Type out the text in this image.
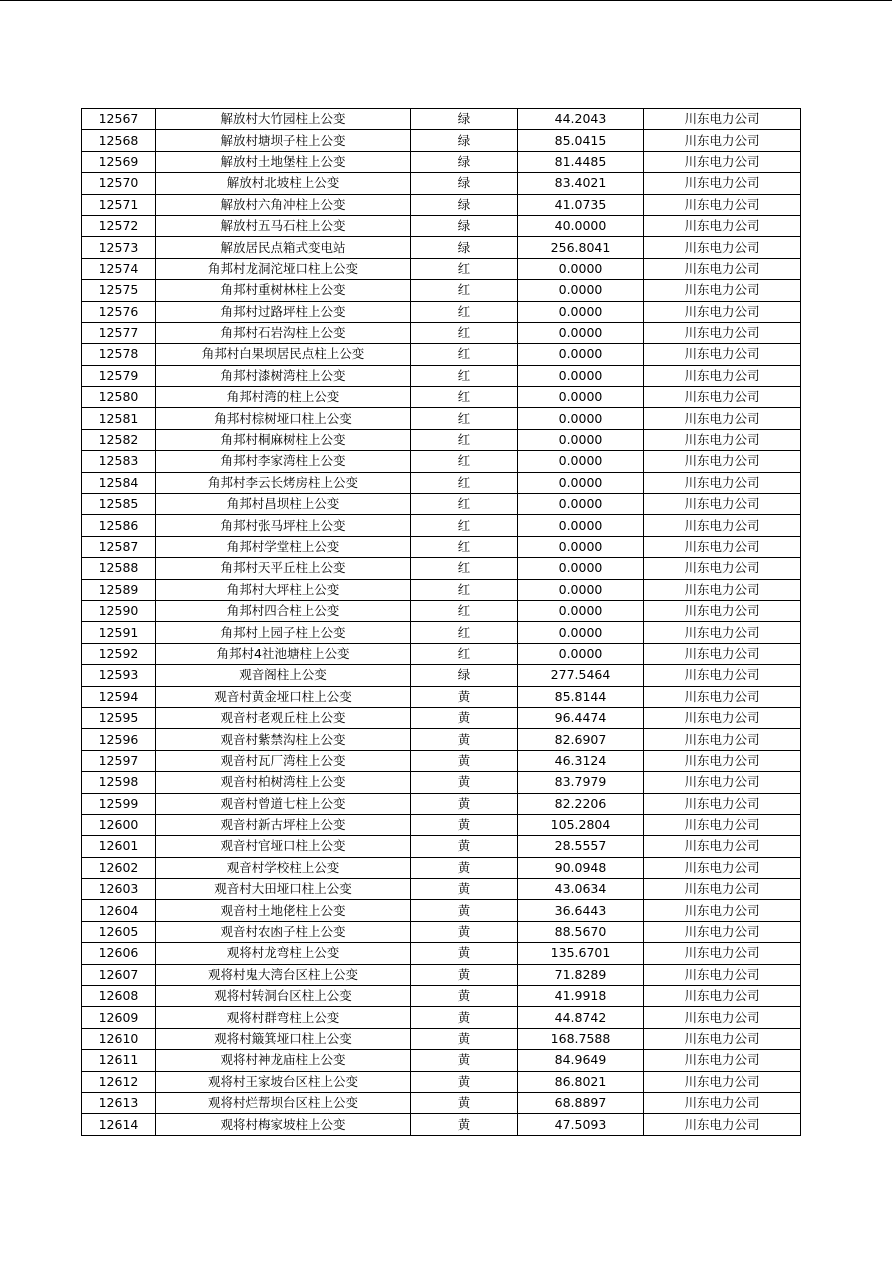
12567	解放村大竹园柱上公变	绿	44.2043	川东电力公司
12568	解放村塘坝子柱上公变	绿	85.0415	川东电力公司
12569	解放村土地堡柱上公变	绿	81.4485	川东电力公司
12570	解放村北坡柱上公变	绿	83.4021	川东电力公司
12571	解放村六角冲柱上公变	绿	41.0735	川东电力公司
12572	解放村五马石柱上公变	绿	40.0000	川东电力公司
12573	解放居民点箱式变电站	绿	256.8041	川东电力公司
12574	角邦村龙洞沱垭口柱上公变	红	0.0000	川东电力公司
12575	角邦村重树林柱上公变	红	0.0000	川东电力公司
12576	角邦村过路坪柱上公变	红	0.0000	川东电力公司
12577	角邦村石岩沟柱上公变	红	0.0000	川东电力公司
12578	角邦村白果坝居民点柱上公变	红	0.0000	川东电力公司
12579	角邦村漆树湾柱上公变	红	0.0000	川东电力公司
12580	角邦村湾的柱上公变	红	0.0000	川东电力公司
12581	角邦村棕树垭口柱上公变	红	0.0000	川东电力公司
12582	角邦村桐麻树柱上公变	红	0.0000	川东电力公司
12583	角邦村李家湾柱上公变	红	0.0000	川东电力公司
12584	角邦村李云长烤房柱上公变	红	0.0000	川东电力公司
12585	角邦村昌坝柱上公变	红	0.0000	川东电力公司
12586	角邦村张马坪柱上公变	红	0.0000	川东电力公司
12587	角邦村学堂柱上公变	红	0.0000	川东电力公司
12588	角邦村天平丘柱上公变	红	0.0000	川东电力公司
12589	角邦村大坪柱上公变	红	0.0000	川东电力公司
12590	角邦村四合柱上公变	红	0.0000	川东电力公司
12591	角邦村上园子柱上公变	红	0.0000	川东电力公司
12592	角邦村4社池塘柱上公变	红	0.0000	川东电力公司
12593	观音阁柱上公变	绿	277.5464	川东电力公司
12594	观音村黄金垭口柱上公变	黄	85.8144	川东电力公司
12595	观音村老观丘柱上公变	黄	96.4474	川东电力公司
12596	观音村紫禁沟柱上公变	黄	82.6907	川东电力公司
12597	观音村瓦厂湾柱上公变	黄	46.3124	川东电力公司
12598	观音村柏树湾柱上公变	黄	83.7979	川东电力公司
12599	观音村曾道七柱上公变	黄	82.2206	川东电力公司
12600	观音村新古坪柱上公变	黄	105.2804	川东电力公司
12601	观音村官垭口柱上公变	黄	28.5557	川东电力公司
12602	观音村学校柱上公变	黄	90.0948	川东电力公司
12603	观音村大田垭口柱上公变	黄	43.0634	川东电力公司
12604	观音村土地佬柱上公变	黄	36.6443	川东电力公司
12605	观音村农凼子柱上公变	黄	88.5670	川东电力公司
12606	观将村龙弯柱上公变	黄	135.6701	川东电力公司
12607	观将村鬼大湾台区柱上公变	黄	71.8289	川东电力公司
12608	观将村转洞台区柱上公变	黄	41.9918	川东电力公司
12609	观将村群弯柱上公变	黄	44.8742	川东电力公司
12610	观将村簸箕垭口柱上公变	黄	168.7588	川东电力公司
12611	观将村神龙庙柱上公变	黄	84.9649	川东电力公司
12612	观将村王家坡台区柱上公变	黄	86.8021	川东电力公司
12613	观将村烂帮坝台区柱上公变	黄	68.8897	川东电力公司
12614	观将村梅家坡柱上公变	黄	47.5093	川东电力公司
